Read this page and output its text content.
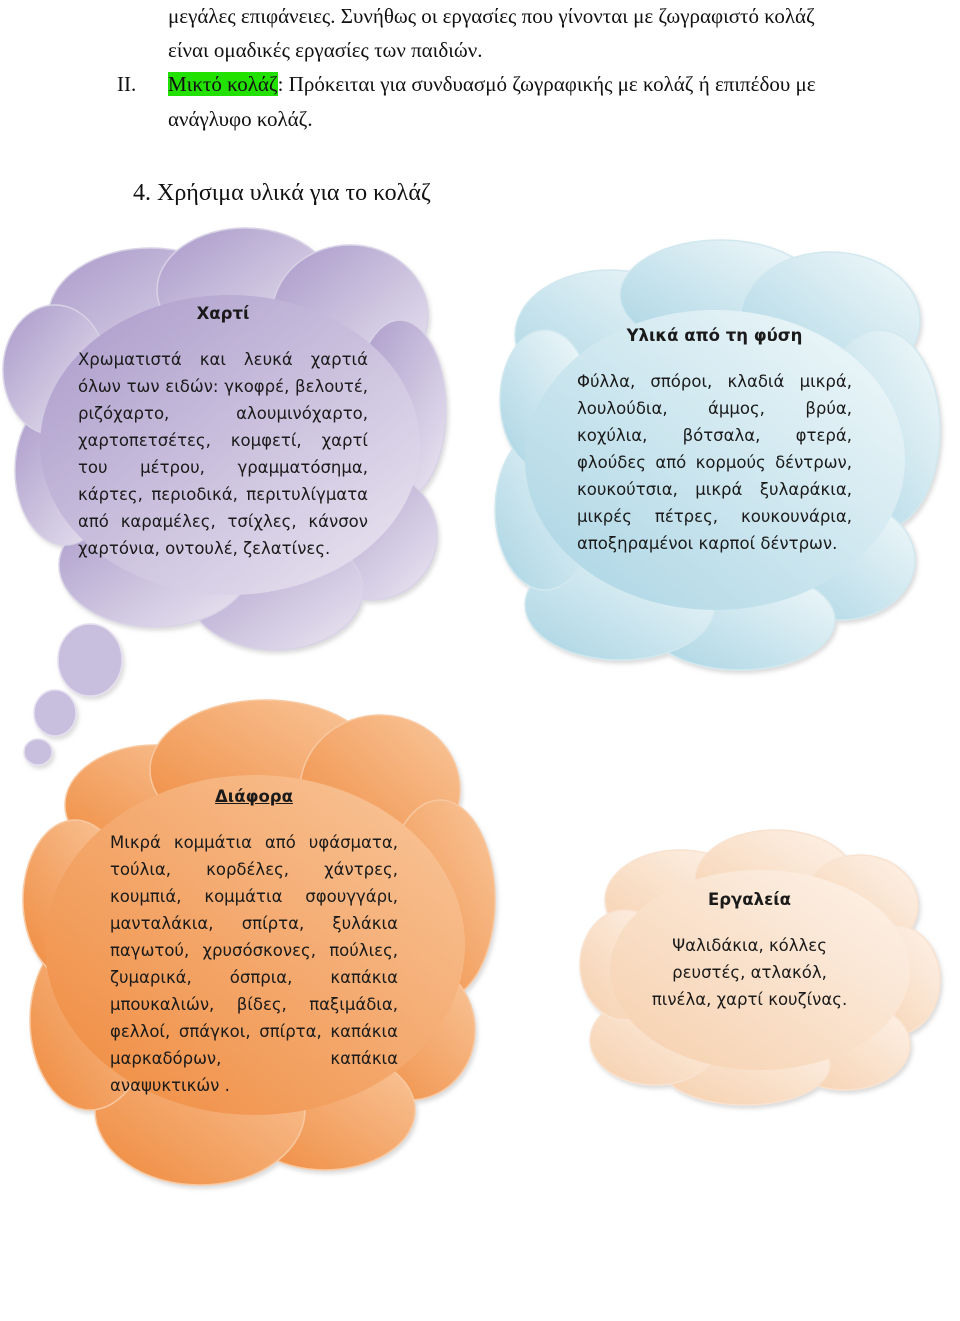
μεγάλες επιφάνειες. Συνήθως οι εργασίες που γίνονται με ζωγραφιστό κολάζ
είναι ομαδικές εργασίες των παιδιών.
II. Μικτό κολάζ: Πρόκειται για συνδυασμό ζωγραφικής με κολάζ ή επιπέδου με
ανάγλυφο κολάζ.
4. Χρήσιμα υλικά για το κολάζ
Χαρτί
Χρωματιστά και λευκά χαρτιά όλων των ειδών: γκοφρέ, βελουτέ, ριζόχαρτο, αλουμινόχαρτο, χαρτοπετσέτες, κομφετί, χαρτί του μέτρου, γραμματόσημα, κάρτες, περιοδικά, περιτυλίγματα από καραμέλες, τσίχλες, κάνσον χαρτόνια, οντουλέ, ζελατίνες.
Υλικά από τη φύση
Φύλλα, σπόροι, κλαδιά μικρά, λουλούδια, άμμος, βρύα, κοχύλια, βότσαλα, φτερά, φλούδες από κορμούς δέντρων, κουκούτσια, μικρά ξυλαράκια, μικρές πέτρες, κουκουνάρια, αποξηραμένοι καρποί δέντρων.
Διάφορα
Μικρά κομμάτια από υφάσματα, τούλια, κορδέλες, χάντρες, κουμπιά, κομμάτια σφουγγάρι, μανταλάκια, σπίρτα, ξυλάκια παγωτού, χρυσόσκονες, πούλιες, ζυμαρικά, όσπρια, καπάκια μπουκαλιών, βίδες, παξιμάδια, φελλοί, σπάγκοι, σπίρτα, καπάκια μαρκαδόρων, καπάκια αναψυκτικών .
Εργαλεία
Ψαλιδάκια, κόλλες ρευστές, ατλακόλ, πινέλα, χαρτί κουζίνας.
